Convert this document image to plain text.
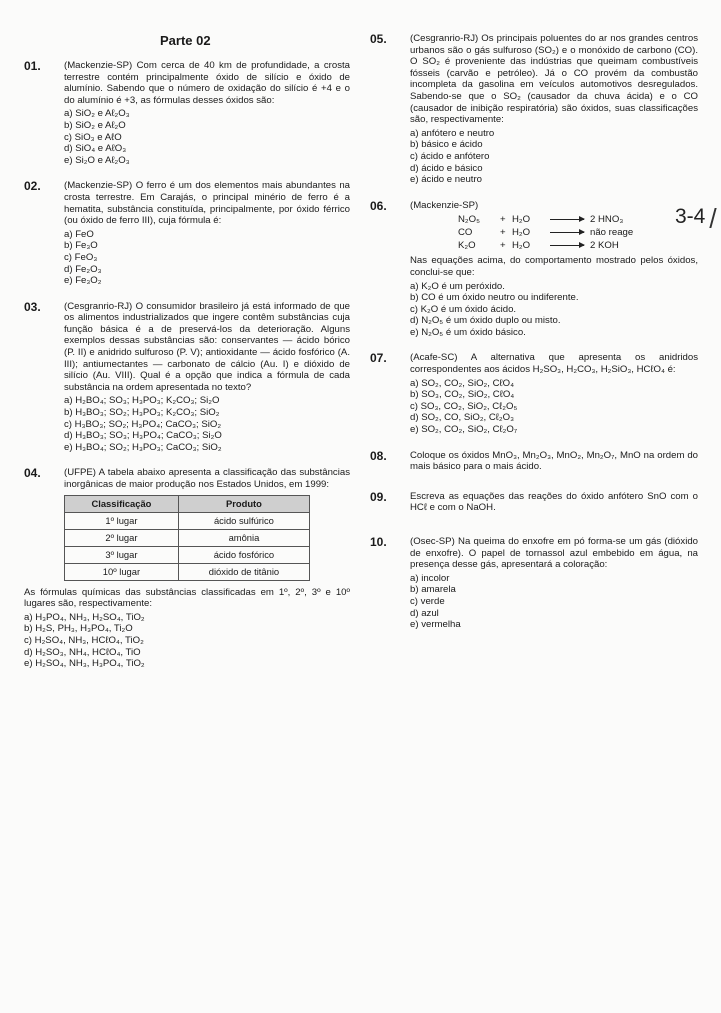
Parte 02
01.	(Mackenzie-SP) Com cerca de 40 km de profundidade, a crosta terrestre contém principalmente óxido de silício e óxido de alumínio. Sabendo que o número de oxidação do silício é +4 e o do alumínio é +3, as fórmulas desses óxidos são:

a) SiO₂ e Aℓ₂O₃
b) SiO₂ e Aℓ₂O
c) SiO₃ e AℓO
d) SiO₄ e AℓO₃
e) Si₂O e Aℓ₂O₃
02.	(Mackenzie-SP) O ferro é um dos elementos mais abundantes na crosta terrestre. Em Carajás, o principal minério de ferro é a hematita, substância constituída, principalmente, por óxido férrico (ou óxido de ferro III), cuja fórmula é:

a) FeO
b) Fe₃O
c) FeO₃
d) Fe₂O₃
e) Fe₃O₂
03.	(Cesgranrio-RJ) O consumidor brasileiro já está informado de que os alimentos industrializados que ingere contêm substâncias cuja função básica é a de preservá-los da deterioração. Alguns exemplos dessas substâncias são: conservantes — ácido bórico (P. II) e anidrido sulfuroso (P. V); antioxidante — ácido fosfórico (A. III); antiumectantes — carbonato de cálcio (Au. I) e dióxido de silício (Au. VIII). Qual é a opção que indica a fórmula de cada substância na ordem apresentada no texto?

a) H₂BO₄; SO₃; H₃PO₃; K₂CO₃; Si₂O
b) H₃BO₃; SO₂; H₃PO₃; K₂CO₃; SiO₂
c) H₃BO₃; SO₂; H₃PO₄; CaCO₃; SiO₂
d) H₃BO₃; SO₃; H₃PO₄; CaCO₃; Si₂O
e) H₃BO₄; SO₂; H₃PO₃; CaCO₃; SiO₂
04.	(UFPE) A tabela abaixo apresenta a classificação das substâncias inorgânicas de maior produção nos Estados Unidos, em 1999:

Classificação	Produto
1º lugar	ácido sulfúrico
2º lugar	amônia
3º lugar	ácido fosfórico
10º lugar	dióxido de titânio

As fórmulas químicas das substâncias classificadas em 1º, 2º, 3º e 10º lugares são, respectivamente:

a) H₃PO₄, NH₃, H₂SO₄, TiO₂
b) H₂S, PH₃, H₃PO₄, Ti₂O
c) H₂SO₄, NH₃, HCℓO₄, TiO₂
d) H₂SO₃, NH₄, HCℓO₄, TiO
e) H₂SO₄, NH₃, H₃PO₄, TiO₂
05.	(Cesgranrio-RJ) Os principais poluentes do ar nos grandes centros urbanos são o gás sulfuroso (SO₂) e o monóxido de carbono (CO). O SO₂ é proveniente das indústrias que queimam combustíveis fósseis (carvão e petróleo). Já o CO provém da combustão incompleta da gasolina em veículos automotivos desregulados. Sabendo-se que o SO₂ (causador da chuva ácida) e o CO (causador de inibição respiratória) são óxidos, suas classificações são, respectivamente:

a) anfótero e neutro
b) básico e ácido
c) ácido e anfótero
d) ácido e básico
e) ácido e neutro
06.	(Mackenzie-SP)

N₂O₅	+ H₂O	2 HNO₃
CO	+ H₂O	não reage
K₂O	+ H₂O	2 KOH

Nas equações acima, do comportamento mostrado pelos óxidos, conclui-se que:

a) K₂O é um peróxido.
b) CO é um óxido neutro ou indiferente.
c) K₂O é um óxido ácido.
d) N₂O₅ é um óxido duplo ou misto.
e) N₂O₅ é um óxido básico.
07.	(Acafe-SC) A alternativa que apresenta os anidridos correspondentes aos ácidos H₂SO₃, H₂CO₃, H₂SiO₃, HCℓO₄ é:

a) SO₂, CO₂, SiO₂, CℓO₄
b) SO₃, CO₂, SiO₂, CℓO₄
c) SO₃, CO₂, SiO₂, Cℓ₂O₅
d) SO₂, CO, SiO₂, Cℓ₂O₃
e) SO₂, CO₂, SiO₂, Cℓ₂O₇
08.	Coloque os óxidos MnO₃, Mn₂O₃, MnO₂, Mn₂O₇, MnO na ordem do mais básico para o mais ácido.

09.	Escreva as equações das reações do óxido anfótero SnO com o HCℓ e com o NaOH.

10.	(Osec-SP) Na queima do enxofre em pó forma-se um gás (dióxido de enxofre). O papel de tornassol azul embebido em água, na presença desse gás, apresentará a coloração:

a) incolor
b) amarela
c) verde
d) azul
e) vermelha
3-4
